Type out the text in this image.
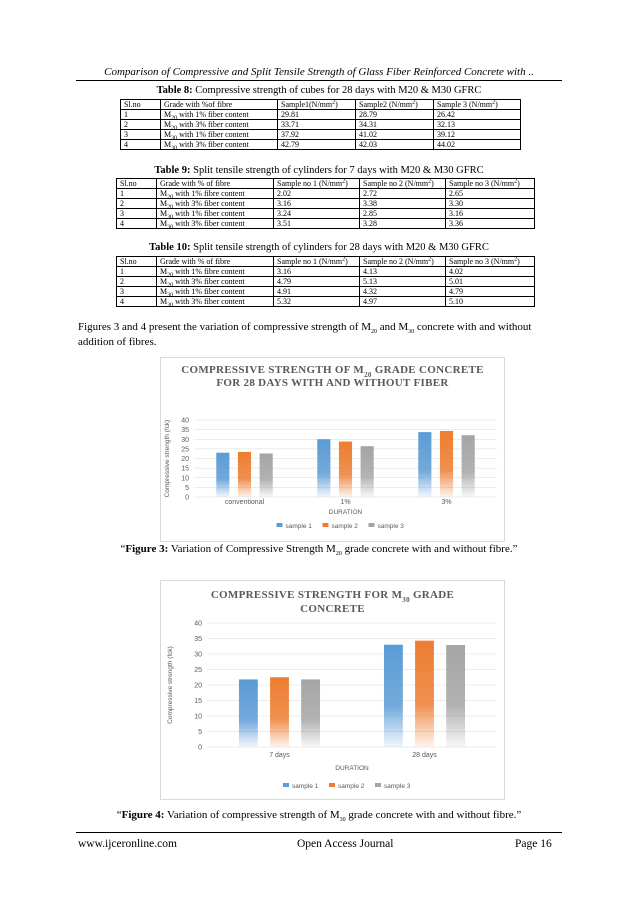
Comparison of Compressive and Split Tensile Strength of Glass Fiber Reinforced Concrete with ..
Table 8: Compressive strength of cubes for 28 days with M20 & M30 GFRC
Sl.no	Grade with %of fibre	$Sample1(N/mm^2)$	Sample2 $(N/mm^2)$	Sample 3 $(N/mm^2)$
1	$M_{20}$ with 1% fiber content	29.81	28.79	26.42
2	$M_{20}$ with 3% fiber content	33.71	34.31	32.13
3	$M_{30}$ with 1% fiber content	37.92	41.02	39.12
4	$M_{30}$ with 3% fiber content	42.79	42.03	44.02
Table 9: Split tensile strength of cylinders for 7 days with M20 & M30 GFRC
Sl.no	Grade with % of fibre	Sample no 1 $(N/mm^2)$	Sample no 2 $(N/mm^2)$	Sample no 3 $(N/mm^2)$
1	$M_{20}$ with 1% fibre content	2.02	2.72	2.65
2	$M_{20}$ with 3% fiber content	3.16	3.38	3.30
3	$M_{30}$ with 1% fiber content	3.24	2.85	3.16
4	$M_{30}$ with 3% fiber content	3.51	3.28	3.36
Table 10: Split tensile strength of cylinders for 28 days with M20 & M30 GFRC
Sl.no	Grade with % of fibre	Sample no 1 $(N/mm^2)$	Sample no 2 $(N/mm^2)$	Sample no 3 $(N/mm^2)$
1	$M_{20}$ with 1% fibre content	3.16	4.13	4.02
2	$M_{20}$ with 3% fiber content	4.79	5.13	5.01
3	$M_{30}$ with 1% fiber content	4.91	4.32	4.79
4	$M_{30}$ with 3% fiber content	5.32	4.97	5.10
Figures 3 and 4 present the variation of compressive strength of $M_{20}$ and $M_{30}$ concrete with and without addition of fibres.
COMPRESSIVE STRENGTH OF $M_{20}$ GRADE CONCRETE
FOR 28 DAYS WITH AND WITHOUT FIBER
0
5
10
15
20
25
30
35
40
Compressive strength (fck)
conventional	1%	3%
DURATION
sample 1	sample 2	sample 3
“Figure 3: Variation of Compressive Strength $M_{20}$ grade concrete with and without fibre.”
COMPRESSIVE STRENGTH FOR $M_{30}$ GRADE
CONCRETE
0
5
10
15
20
25
30
35
40
Compressive strength (fck)
7 days	28 days
DURATION
sample 1	sample 2	sample 3
“Figure 4: Variation of compressive strength of $M_{30}$ grade concrete with and without fibre.”
www.ijceronline.com	Open Access Journal	Page 16
